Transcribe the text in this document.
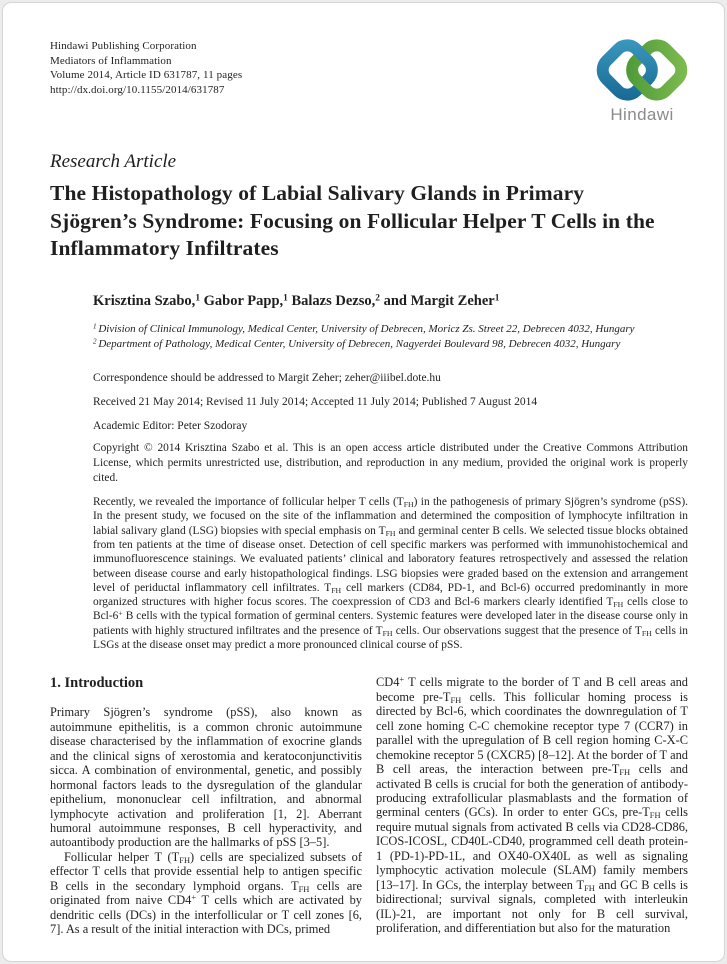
Hindawi Publishing Corporation
Mediators of Inflammation
Volume 2014, Article ID 631787, 11 pages
http://dx.doi.org/10.1155/2014/631787
Hindawi
Research Article
The Histopathology of Labial Salivary Glands in Primary Sjögren’s Syndrome: Focusing on Follicular Helper T Cells in the Inflammatory Infiltrates
Krisztina Szabo,$^1$ Gabor Papp,$^1$ Balazs Dezso,$^2$ and Margit Zeher$^1$
$^1$ Division of Clinical Immunology, Medical Center, University of Debrecen, Moricz Zs. Street 22, Debrecen 4032, Hungary
$^2$ Department of Pathology, Medical Center, University of Debrecen, Nagyerdei Boulevard 98, Debrecen 4032, Hungary
Correspondence should be addressed to Margit Zeher; zeher@iiibel.dote.hu
Received 21 May 2014; Revised 11 July 2014; Accepted 11 July 2014; Published 7 August 2014
Academic Editor: Peter Szodoray
Copyright © 2014 Krisztina Szabo et al. This is an open access article distributed under the Creative Commons Attribution License, which permits unrestricted use, distribution, and reproduction in any medium, provided the original work is properly cited.
Recently, we revealed the importance of follicular helper T cells $(T_{FH})$ in the pathogenesis of primary Sjögren’s syndrome (pSS). In the present study, we focused on the site of the inflammation and determined the composition of lymphocyte infiltration in labial salivary gland (LSG) biopsies with special emphasis on $T_{FH}$ and germinal center B cells. We selected tissue blocks obtained from ten patients at the time of disease onset. Detection of cell specific markers was performed with immunohistochemical and immunofluorescence stainings. We evaluated patients’ clinical and laboratory features retrospectively and assessed the relation between disease course and early histopathological findings. LSG biopsies were graded based on the extension and arrangement level of periductal inflammatory cell infiltrates. $T_{FH}$ cell markers (CD84, PD-1, and Bcl-6) occurred predominantly in more organized structures with higher focus scores. The coexpression of CD3 and Bcl-6 markers clearly identified $T_{FH}$ cells close to Bcl-6+ B cells with the typical formation of germinal centers. Systemic features were developed later in the disease course only in patients with highly structured infiltrates and the presence of $T_{FH}$ cells. Our observations suggest that the presence of $T_{FH}$ cells in LSGs at the disease onset may predict a more pronounced clinical course of pSS.
1. Introduction

Primary Sjögren’s syndrome (pSS), also known as autoimmune epithelitis, is a common chronic autoimmune disease characterised by the inflammation of exocrine glands and the clinical signs of xerostomia and keratoconjunctivitis sicca. A combination of environmental, genetic, and possibly hormonal factors leads to the dysregulation of the glandular epithelium, mononuclear cell infiltration, and abnormal lymphocyte activation and proliferation [1, 2]. Aberrant humoral autoimmune responses, B cell hyperactivity, and autoantibody production are the hallmarks of pSS [3–5].

Follicular helper T $(T_{FH})$ cells are specialized subsets of effector T cells that provide essential help to antigen specific B cells in the secondary lymphoid organs. $T_{FH}$ cells are originated from naive CD4+ T cells which are activated by dendritic cells (DCs) in the interfollicular or T cell zones [6, 7]. As a result of the initial interaction with DCs, primed

CD4+ T cells migrate to the border of T and B cell areas and become pre-$T_{FH}$ cells. This follicular homing process is directed by Bcl-6, which coordinates the downregulation of T cell zone homing C-C chemokine receptor type 7 (CCR7) in parallel with the upregulation of B cell region homing C-X-C chemokine receptor 5 (CXCR5) [8–12]. At the border of T and B cell areas, the interaction between pre-$T_{FH}$ cells and activated B cells is crucial for both the generation of antibody-producing extrafollicular plasmablasts and the formation of germinal centers (GCs). In order to enter GCs, pre-$T_{FH}$ cells require mutual signals from activated B cells via CD28-CD86, ICOS-ICOSL, CD40L-CD40, programmed cell death protein-1 (PD-1)-PD-1L, and OX40-OX40L as well as signaling lymphocytic activation molecule (SLAM) family members [13–17]. In GCs, the interplay between $T_{FH}$ and GC B cells is bidirectional; survival signals, completed with interleukin (IL)-21, are important not only for B cell survival, proliferation, and differentiation but also for the maturation
